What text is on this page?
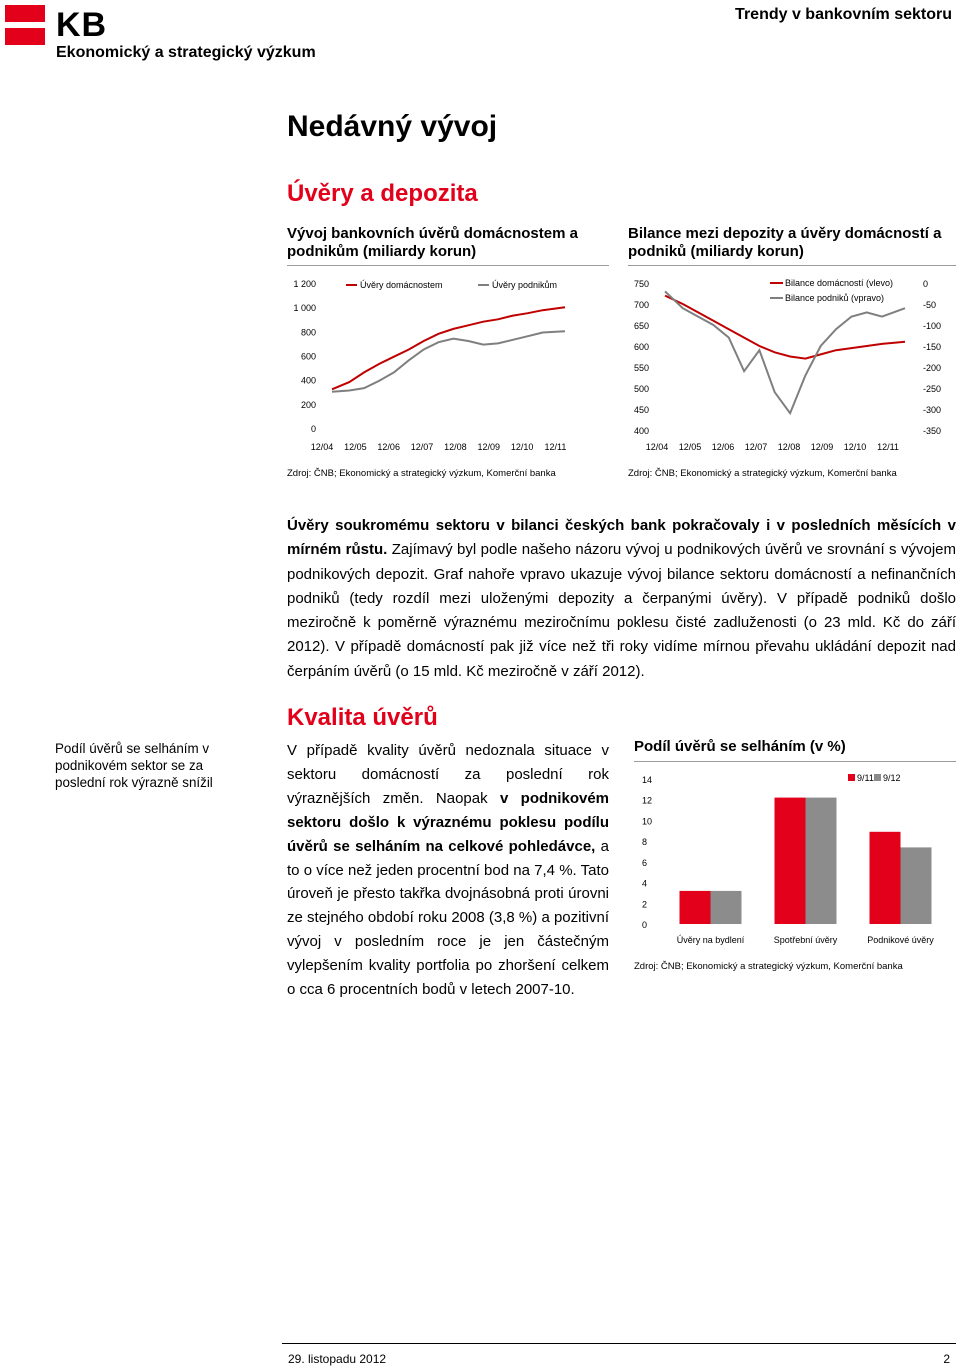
KB
Ekonomický a strategický výzkum
Trendy v bankovním sektoru
Nedávný vývoj
Úvěry a depozita
Vývoj bankovních úvěrů domácnostem a podnikům (miliardy korun)
0
200
400
600
800
1 000
1 200
12/04 12/05 12/06 12/07 12/08 12/09 12/10 12/11
Úvěry domácnostem	Úvěry podnikům
Zdroj: ČNB; Ekonomický a strategický výzkum, Komerční banka
Bilance mezi depozity a úvěry domácností a podniků (miliardy korun)
400
450
500
550
600
650
700
750
-350
-300
-250
-200
-150
-100
-50
0
12/04 12/05 12/06 12/07 12/08 12/09 12/10 12/11
Bilance domácností (vlevo)
Bilance podniků (vpravo)
Zdroj: ČNB; Ekonomický a strategický výzkum, Komerční banka
Úvěry soukromému sektoru v bilanci českých bank pokračovaly i v posledních měsících v mírném růstu. Zajímavý byl podle našeho názoru vývoj u podnikových úvěrů ve srovnání s vývojem podnikových depozit. Graf nahoře vpravo ukazuje vývoj bilance sektoru domácností a nefinančních podniků (tedy rozdíl mezi uloženými depozity a čerpanými úvěry). V případě podniků došlo meziročně k poměrně výraznému meziročnímu poklesu čisté zadluženosti (o 23 mld. Kč do září 2012). V případě domácností pak již více než tři roky vidíme mírnou převahu ukládání depozit nad čerpáním úvěrů (o 15 mld. Kč meziročně v září 2012).
Kvalita úvěrů
Podíl úvěrů se selháním v podnikovém sektor se za poslední rok výrazně snížil
V případě kvality úvěrů nedoznala situace v sektoru domácností za poslední rok výraznějších změn. Naopak v podnikovém sektoru došlo k výraznému poklesu podílu úvěrů se selháním na celkové pohledávce, a to o více než jeden procentní bod na 7,4 %. Tato úroveň je přesto takřka dvojnásobná proti úrovni ze stejného období roku 2008 (3,8 %) a pozitivní vývoj v posledním roce je jen částečným vylepšením kvality portfolia po zhoršení celkem o cca 6 procentních bodů v letech 2007-10.
Podíl úvěrů se selháním (v %)
0
2
4
6
8
10
12
14
Úvěry na bydlení	Spotřební úvěry	Podnikové úvěry
9/11 9/12
Zdroj: ČNB; Ekonomický a strategický výzkum, Komerční banka
29. listopadu 2012	2
